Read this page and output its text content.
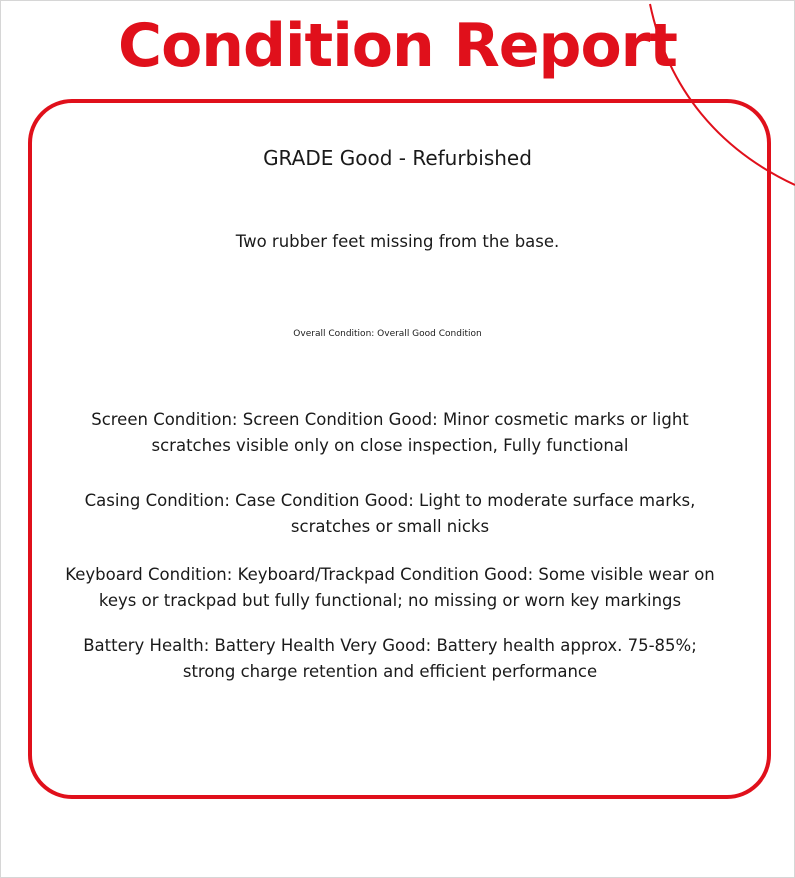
Condition Report
GRADE Good - Refurbished
Two rubber feet missing from the base.
Overall Condition: Overall Good Condition
Screen Condition: Screen Condition Good: Minor cosmetic marks or light scratches visible only on close inspection, Fully functional
Casing Condition: Case Condition Good: Light to moderate surface marks, scratches or small nicks
Keyboard Condition: Keyboard/Trackpad Condition Good: Some visible wear on keys or trackpad but fully functional; no missing or worn key markings
Battery Health: Battery Health Very Good: Battery health approx. 75-85%; strong charge retention and efficient performance
